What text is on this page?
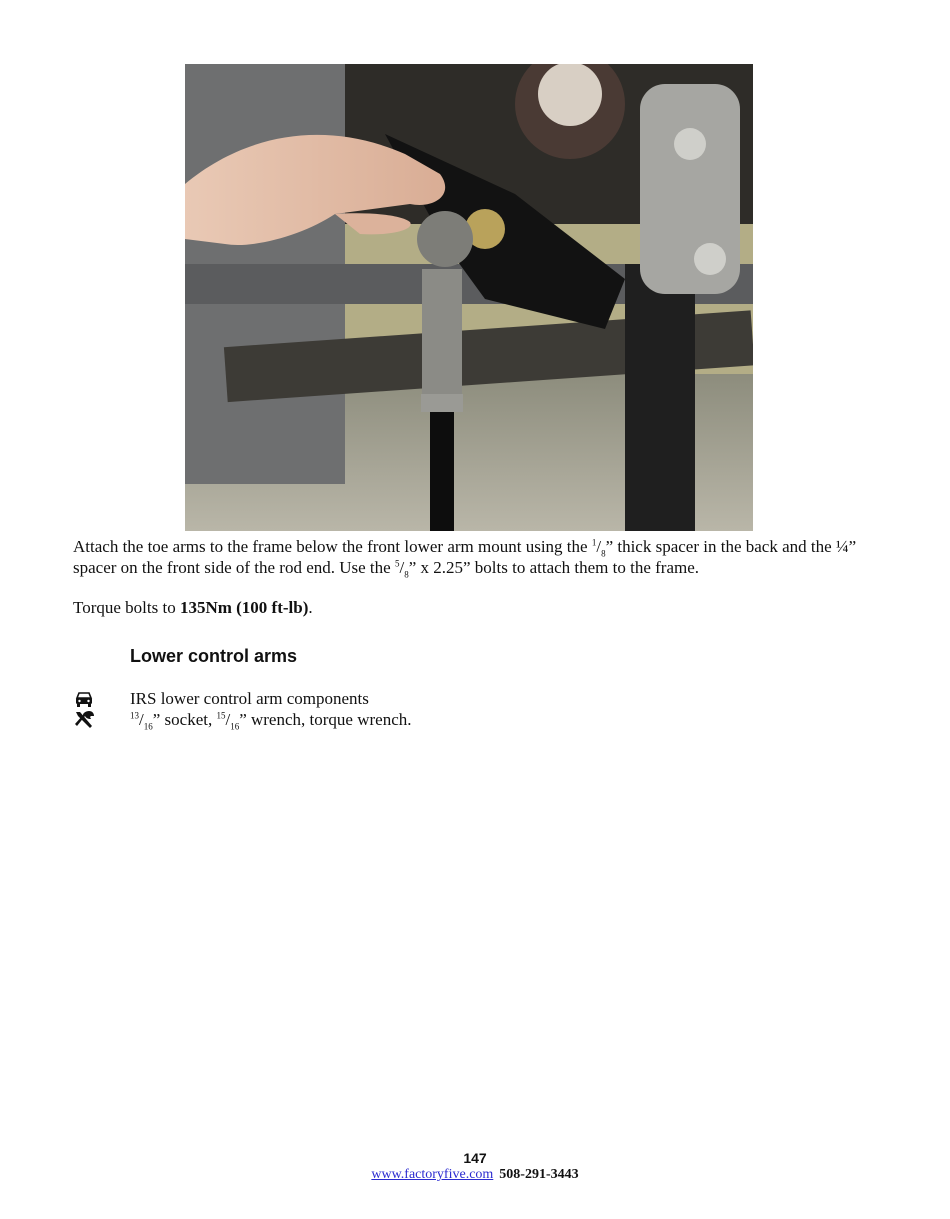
Attach the toe arms to the frame below the front lower arm mount using the $^1/_8$” thick spacer in the back and the ¼” spacer on the front side of the rod end. Use the $^5/_8$” x 2.25” bolts to attach them to the frame.
Torque bolts to 135Nm (100 ft-lb).
Lower control arms
IRS lower control arm components
$^{13}/_{16}$” socket, $^{15}/_{16}$” wrench, torque wrench.
147
www.factoryfive.com 508-291-3443
